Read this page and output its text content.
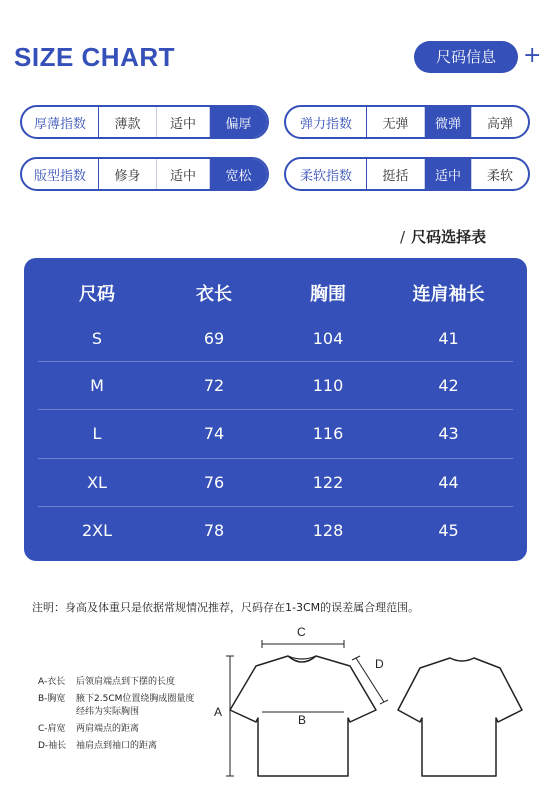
SIZE CHART	尺码信息	+
厚薄指数	薄款	适中	偏厚	弹力指数	无弹	微弹	高弹
版型指数	修身	适中	宽松	柔软指数	挺括	适中	柔软
/ 尺码选择表
尺码	衣长	胸围	连肩袖长
S	69	104	41
M	72	110	42
L	74	116	43
XL	76	122	44
2XL	78	128	45
注明：身高及体重只是依据常规情况推荐，尺码存在1-3CM的误差属合理范围。
A-衣长	后领肩端点到下摆的长度
B-胸宽	腋下2.5CM位置绕胸成圈量度经纬为实际胸围
C-肩宽	两肩端点的距离
D-袖长	袖肩点到袖口的距离
A
B
C
D
